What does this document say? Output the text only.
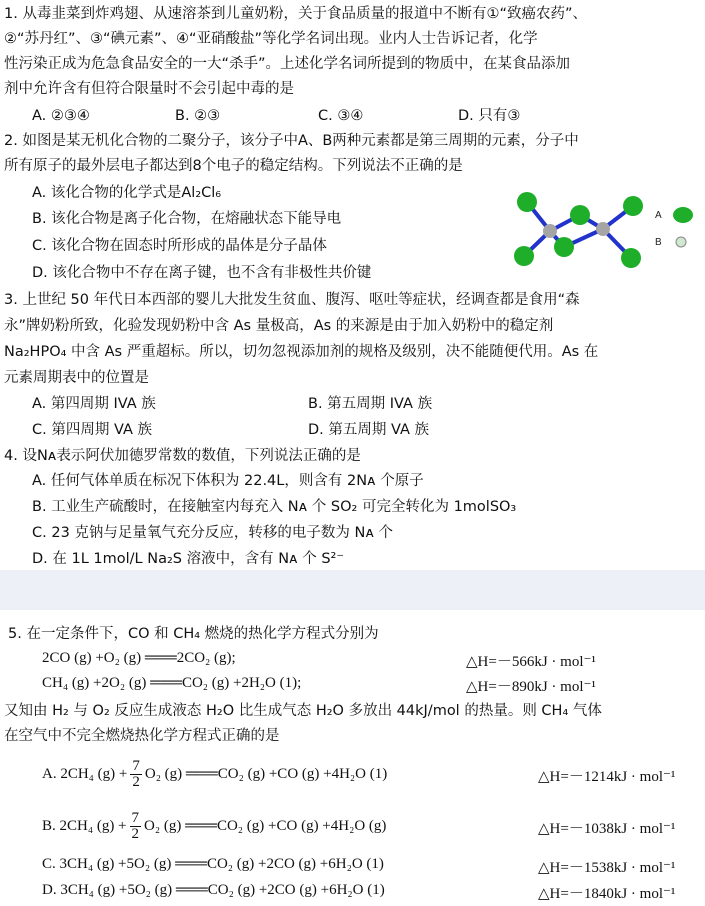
1. 从毒韭菜到炸鸡翅、从速溶茶到儿童奶粉，关于食品质量的报道中不断有①“致癌农药”、
②“苏丹红”、③“碘元素”、④“亚硝酸盐”等化学名词出现。业内人士告诉记者，化学
性污染正成为危急食品安全的一大“杀手”。上述化学名词所提到的物质中，在某食品添加
剂中允许含有但符合限量时不会引起中毒的是
A. ②③④	B. ②③	C. ③④	D. 只有③
2. 如图是某无机化合物的二聚分子，该分子中A、B两种元素都是第三周期的元素，分子中
所有原子的最外层电子都达到8个电子的稳定结构。下列说法不正确的是
A. 该化合物的化学式是Al₂Cl₆
B. 该化合物是离子化合物，在熔融状态下能导电
C. 该化合物在固态时所形成的晶体是分子晶体
D. 该化合物中不存在离子键，也不含有非极性共价键
A
B
3. 上世纪 50 年代日本西部的婴儿大批发生贫血、腹泻、呕吐等症状，经调查都是食用“森
永”牌奶粉所致，化验发现奶粉中含 As 量极高，As 的来源是由于加入奶粉中的稳定剂
Na₂HPO₄ 中含 As 严重超标。所以，切勿忽视添加剂的规格及级别，决不能随便代用。As 在
元素周期表中的位置是
A. 第四周期 IVA 族	B. 第五周期 IVA 族
C. 第四周期 VA 族	D. 第五周期 VA 族
4. 设Nᴀ表示阿伏加德罗常数的数值，下列说法正确的是
A. 任何气体单质在标况下体积为 22.4L，则含有 2Nᴀ 个原子
B. 工业生产硫酸时，在接触室内每充入 Nᴀ 个 SO₂ 可完全转化为 1molSO₃
C. 23 克钠与足量氧气充分反应，转移的电子数为 Nᴀ 个
D. 在 1L 1mol/L Na₂S 溶液中，含有 Nᴀ 个 S²⁻
5. 在一定条件下，CO 和 CH₄ 燃烧的热化学方程式分别为
2CO (g) +O₂ (g) ═══2CO₂ (g);	△H=－566kJ · mol⁻¹
CH₄ (g) +2O₂ (g) ═══CO₂ (g) +2H₂O (1);	△H=－890kJ · mol⁻¹
又知由 H₂ 与 O₂ 反应生成液态 H₂O 比生成气态 H₂O 多放出 44kJ/mol 的热量。则 CH₄ 气体
在空气中不完全燃烧热化学方程式正确的是
A. 2CH₄ $(g) + \frac{7}{2} O_2$ (g) ═══CO₂ (g) +CO (g) +4H₂O (1)	△H=－1214kJ · mol⁻¹
B. 2CH₄ $(g) + \frac{7}{2} O_2$ (g) ═══CO₂ (g) +CO (g) +4H₂O (g)	△H=－1038kJ · mol⁻¹
C. 3CH₄ (g) +5O₂ (g) ═══CO₂ (g) +2CO (g) +6H₂O (1)	△H=－1538kJ · mol⁻¹
D. 3CH₄ (g) +5O₂ (g) ═══CO₂ (g) +2CO (g) +6H₂O (1)	△H=－1840kJ · mol⁻¹
